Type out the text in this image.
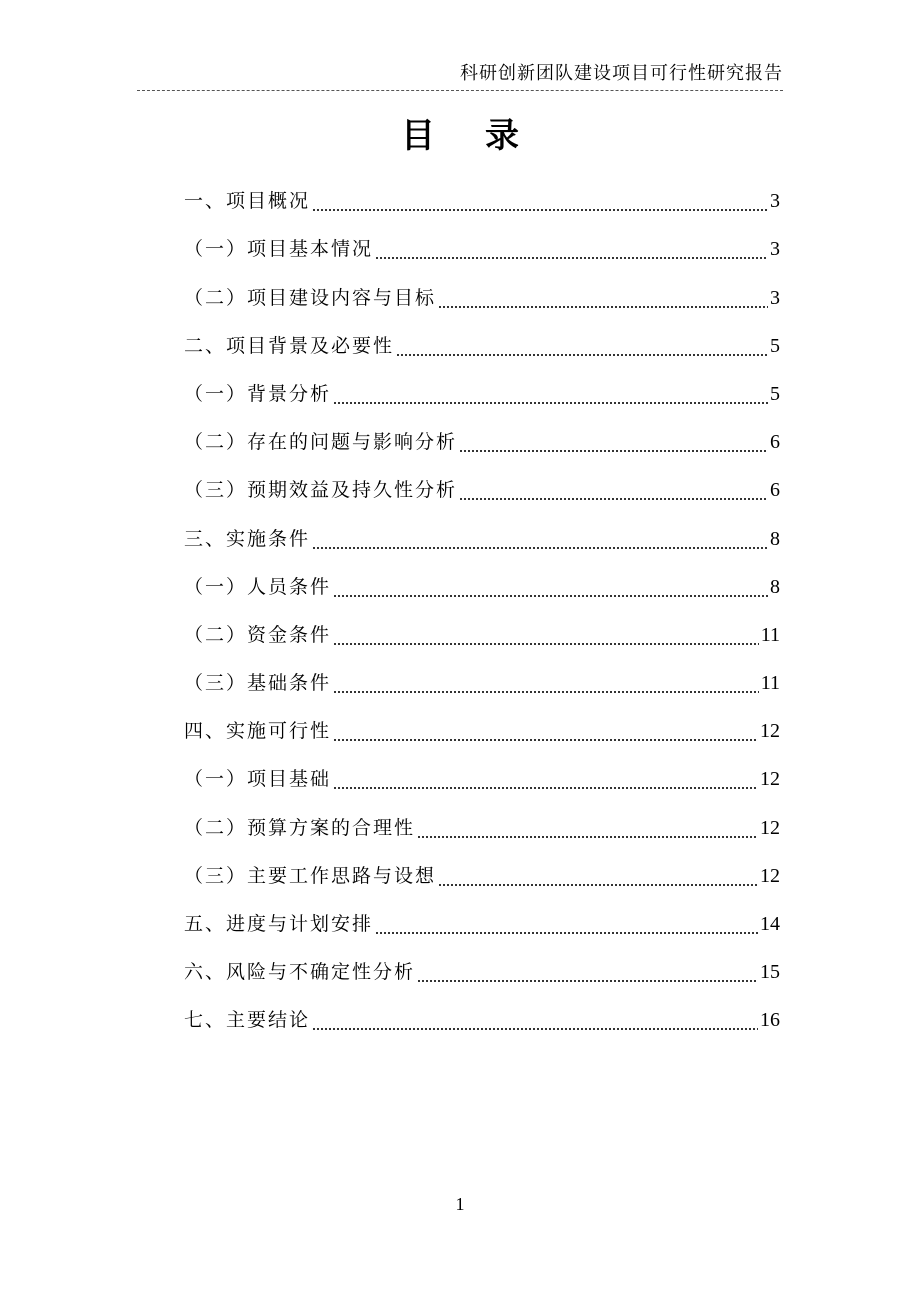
科研创新团队建设项目可行性研究报告
目录
一、项目概况	3
（一）项目基本情况	3
（二）项目建设内容与目标	3
二、项目背景及必要性	5
（一）背景分析	5
（二）存在的问题与影响分析	6
（三）预期效益及持久性分析	6
三、实施条件	8
（一）人员条件	8
（二）资金条件	11
（三）基础条件	11
四、实施可行性	12
（一）项目基础	12
（二）预算方案的合理性	12
（三）主要工作思路与设想	12
五、进度与计划安排	14
六、风险与不确定性分析	15
七、主要结论	16
1
